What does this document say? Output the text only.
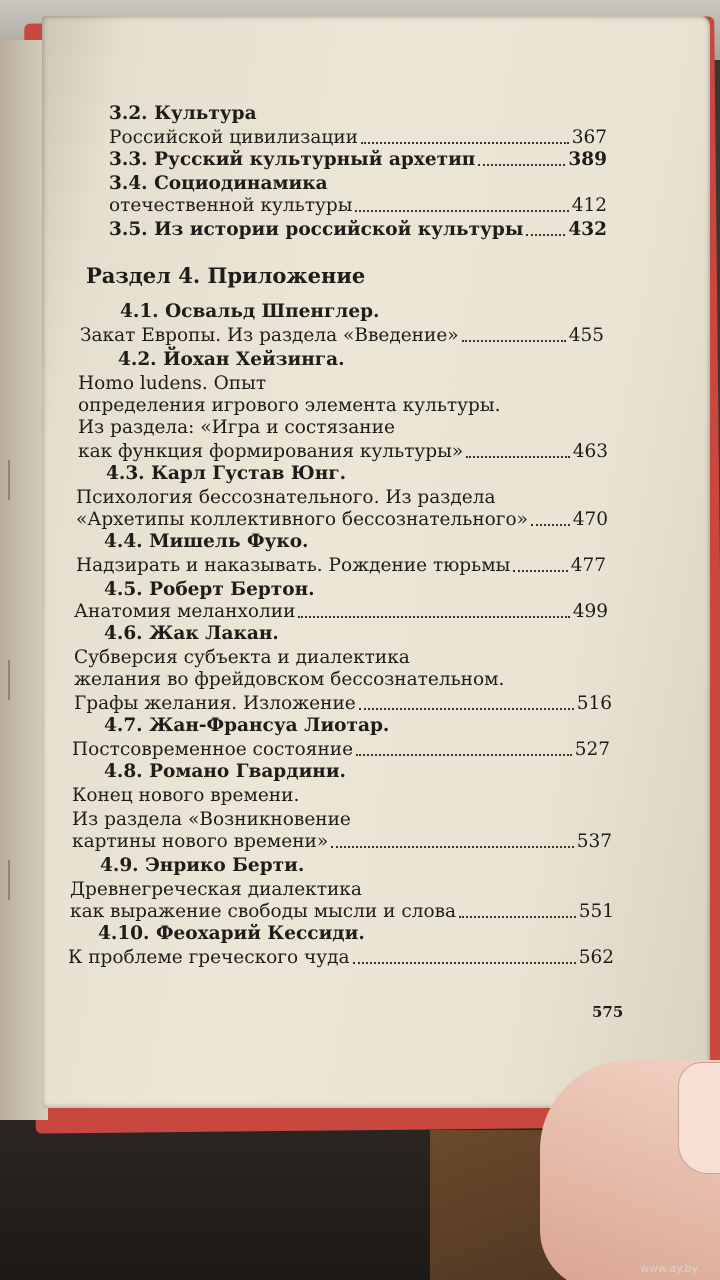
3.2. Культура
Российской цивилизации	367
3.3. Русский культурный архетип	389
3.4. Социодинамика
отечественной культуры	412
3.5. Из истории российской культуры 432
Раздел 4. Приложение
4.1. Освальд Шпенглер.
Закат Европы. Из раздела «Введение»	455
4.2. Йохан Хейзинга.
Homo ludens. Опыт
определения игрового элемента культуры.
Из раздела: «Игра и состязание
как функция формирования культуры»	463
4.3. Карл Густав Юнг.
Психология бессознательного. Из раздела
«Архетипы коллективного бессознательного» 470
4.4. Мишель Фуко.
Надзирать и наказывать. Рождение тюрьмы	477
4.5. Роберт Бертон.
Анатомия меланхолии	499
4.6. Жак Лакан.
Субверсия субъекта и диалектика
желания во фрейдовском бессознательном.
Графы желания. Изложение	516
4.7. Жан-Франсуа Лиотар.
Постсовременное состояние	527
4.8. Романо Гвардини.
Конец нового времени.
Из раздела «Возникновение
картины нового времени»	537
4.9. Энрико Берти.
Древнегреческая диалектика
как выражение свободы мысли и слова	551
4.10. Феохарий Кессиди.
К проблеме греческого чуда	562
575
www.ay.by
